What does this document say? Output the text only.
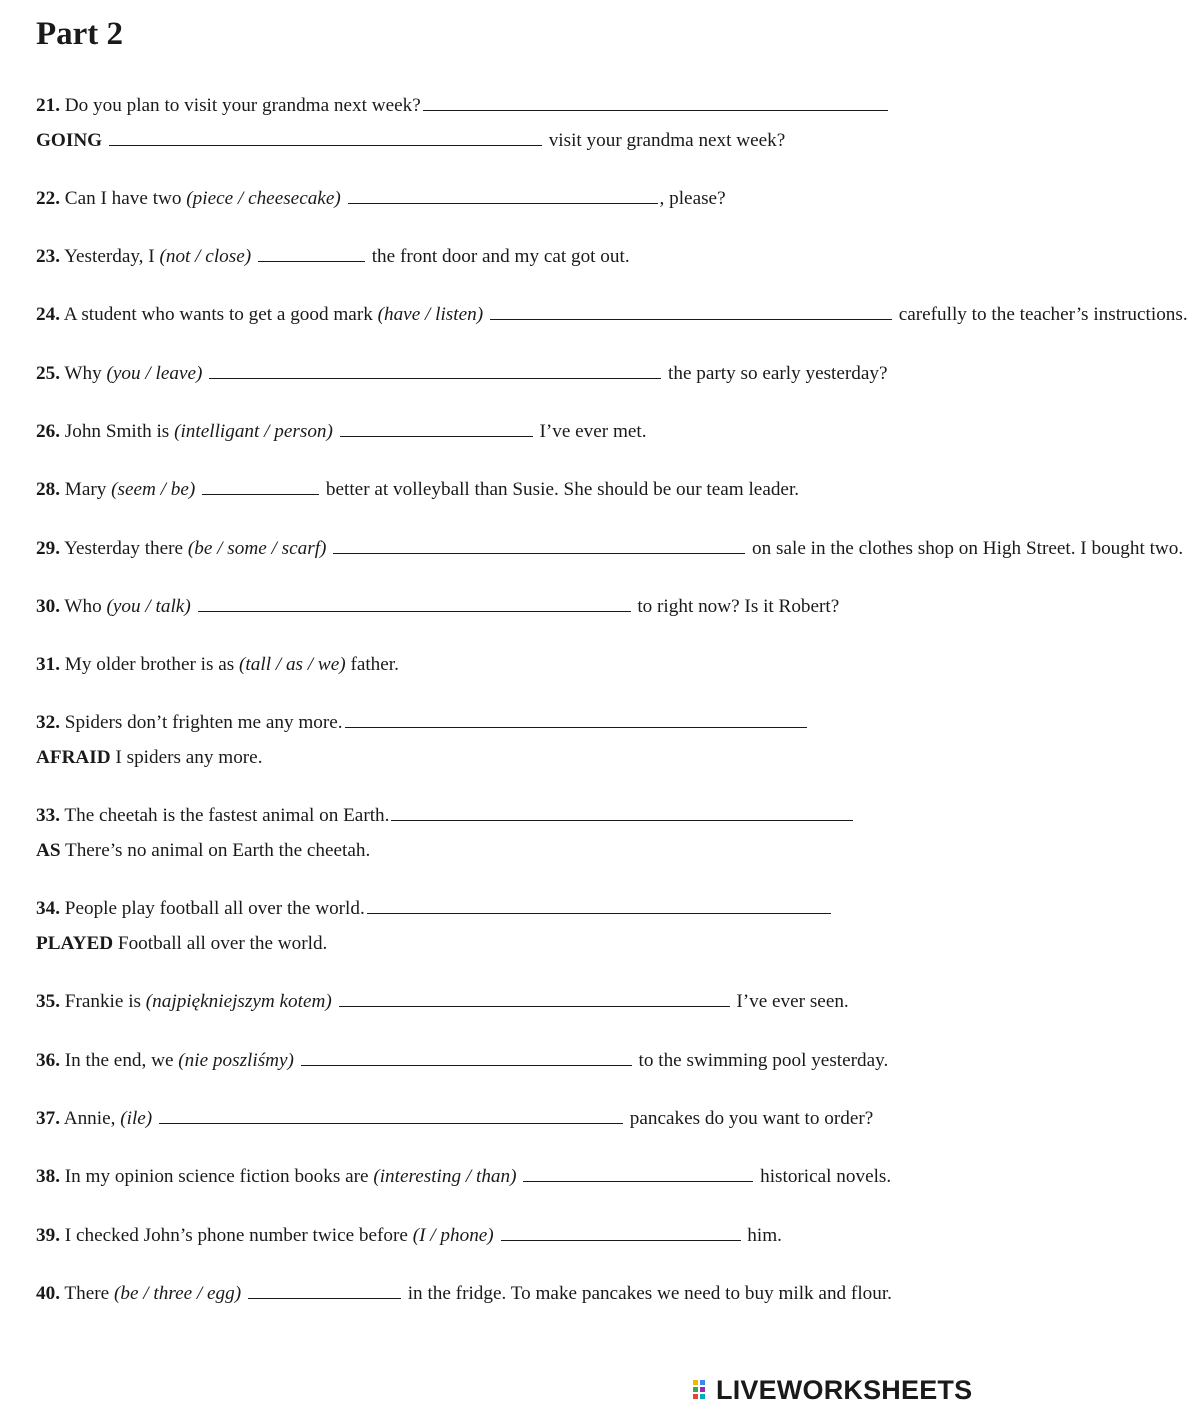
Part 2
21. Do you plan to visit your grandma next week?
GOING	visit your grandma next week?
22. Can I have two (piece / cheesecake)	, please?
23. Yesterday, I (not / close)	the front door and my cat got out.
24. A student who wants to get a good mark (have / listen)	carefully to the teacher’s instructions.
25. Why (you / leave)	the party so early yesterday?
26. John Smith is (intelligant / person)	I’ve ever met.
28. Mary (seem / be)	better at volleyball than Susie. She should be our team leader.
29. Yesterday there (be / some / scarf)	on sale in the clothes shop on High Street. I bought two.
30. Who (you / talk)	to right now? Is it Robert?
31. My older brother is as (tall / as / we) father.
32. Spiders don’t frighten me any more.
AFRAID I spiders any more.
33. The cheetah is the fastest animal on Earth.
AS There’s no animal on Earth the cheetah.
34. People play football all over the world.
PLAYED Football all over the world.
35. Frankie is (najpiękniejszym kotem)	I’ve ever seen.
36. In the end, we (nie poszliśmy)	to the swimming pool yesterday.
37. Annie, (ile)	pancakes do you want to order?
38. In my opinion science fiction books are (interesting / than)	historical novels.
39. I checked John’s phone number twice before (I / phone)	him.
40. There (be / three / egg)	in the fridge. To make pancakes we need to buy milk and flour.
LIVEWORKSHEETS
